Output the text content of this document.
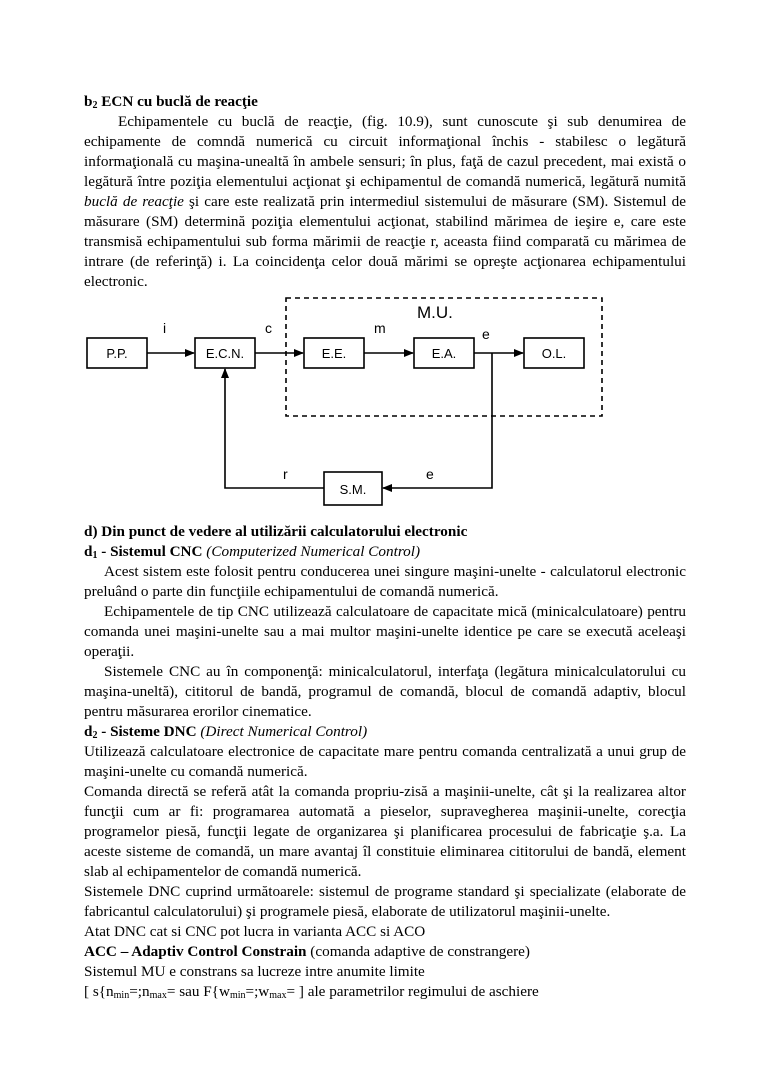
$b_2$ ECN cu buclă de reacţie

Echipamentele cu buclă de reacţie, (fig. 10.9), sunt cunoscute şi sub denumirea de echipamente de comndă numerică cu circuit informaţional închis - stabilesc o legătură informaţională cu maşina-unealtă în ambele sensuri; în plus, faţă de cazul precedent, mai există o legătură între poziţia elementului acţionat şi echipamentul de comandă numerică, legătură numită buclă de reacţie şi care este realizată prin intermediul sistemului de măsurare (SM). Sistemul de măsurare (SM) determină poziţia elementului acţionat, stabilind mărimea de ieşire e, care este transmisă echipamentului sub forma mărimii de reacţie r, aceasta fiind comparată cu mărimea de intrare (de referinţă) i. La coincidenţa celor două mărimi se opreşte acţionarea echipamentului electronic.

M.U.
P.P.	E.C.N.	E.E.	E.A.	O.L.
S.M.
i	c	m	e
e
r

d) Din punct de vedere al utilizării calculatorului electronic

$d_1$ - Sistemul CNC (Computerized Numerical Control)

Acest sistem este folosit pentru conducerea unei singure maşini-unelte - calculatorul electronic preluând o parte din funcţiile echipamentului de comandă numerică.

Echipamentele de tip CNC utilizează calculatoare de capacitate mică (minicalculatoare) pentru comanda unei maşini-unelte sau a mai multor maşini-unelte identice pe care se execută aceleaşi operaţii.

Sistemele CNC au în componenţă: minicalculatorul, interfaţa (legătura minicalculatorului cu maşina-uneltă), cititorul de bandă, programul de comandă, blocul de comandă adaptiv, blocul pentru măsurarea erorilor cinematice.

$d_2$ - Sisteme DNC (Direct Numerical Control)

Utilizează calculatoare electronice de capacitate mare pentru comanda centralizată a unui grup de maşini-unelte cu comandă numerică.

Comanda directă se referă atât la comanda propriu-zisă a maşinii-unelte, cât şi la realizarea altor funcţii cum ar fi: programarea automată a pieselor, supravegherea maşinii-unelte, corecţia programelor piesă, funcţii legate de organizarea şi planificarea procesului de fabricaţie ş.a. La aceste sisteme de comandă, un mare avantaj îl constituie eliminarea cititorului de bandă, element slab al echipamentelor de comandă numerică.

Sistemele DNC cuprind următoarele: sistemul de programe standard şi specializate (elaborate de fabricantul calculatorului) şi programele piesă, elaborate de utilizatorul maşinii-unelte.

Atat DNC cat si CNC pot lucra in varianta ACC si ACO

ACC – Adaptiv Control Constrain (comanda adaptive de constrangere)

Sistemul MU e constrans sa lucreze intre anumite limite

[ $s\{n_{min}=;n_{max}=$ sau $F\{w_{min}=;w_{max}=$ ] ale parametrilor regimului de aschiere
